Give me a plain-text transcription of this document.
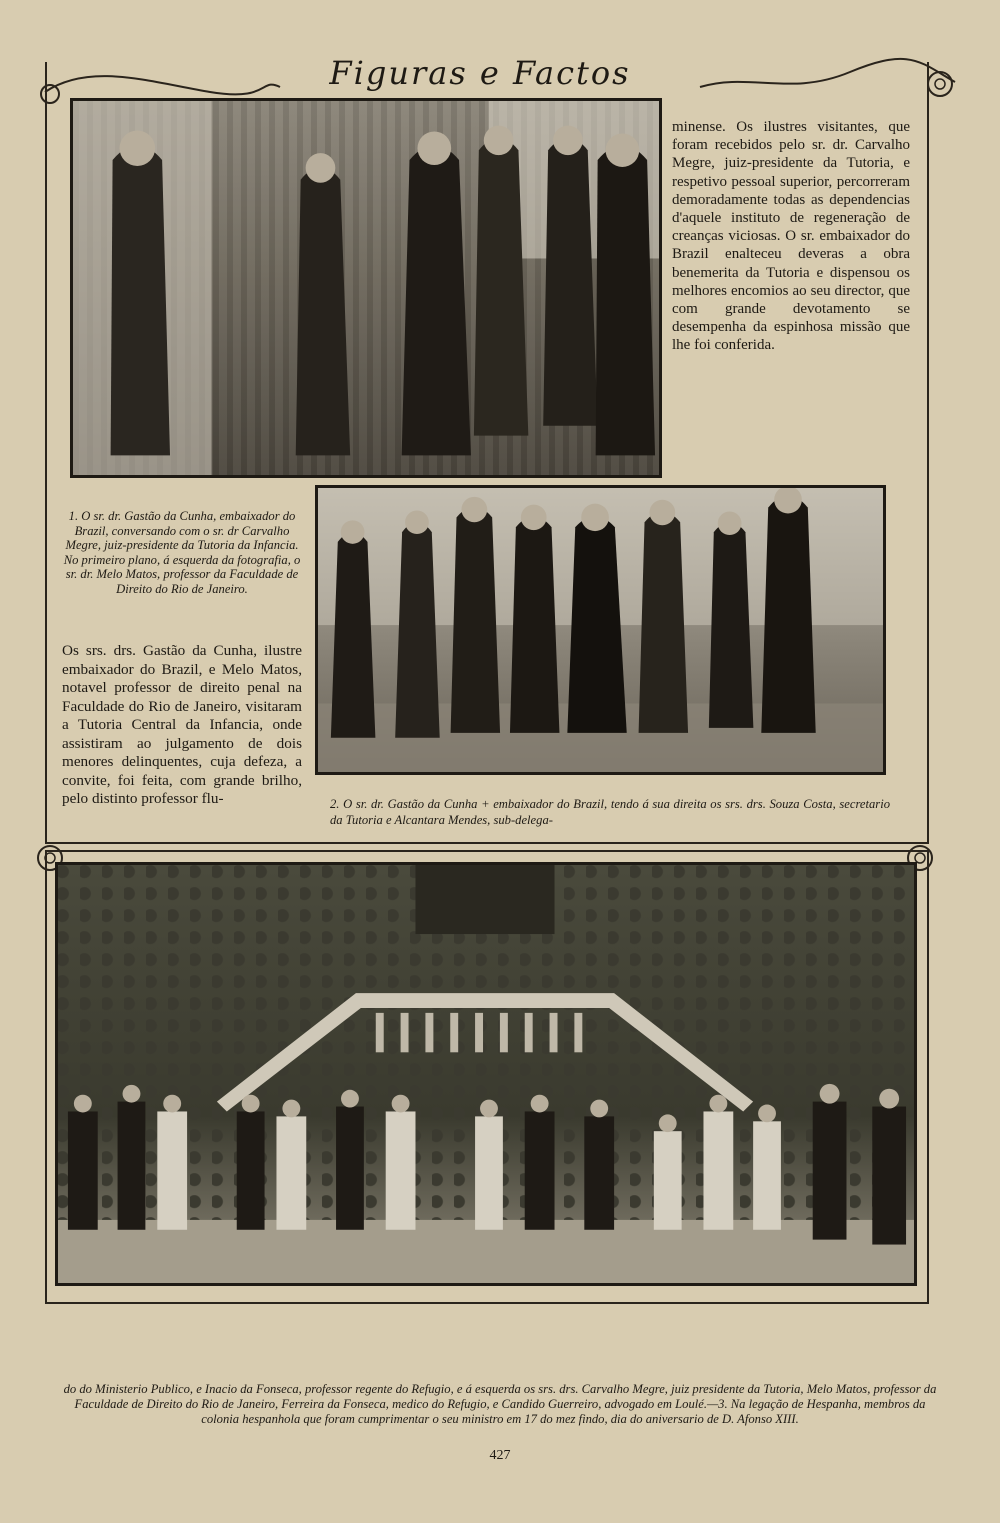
Figuras e Factos
minense. Os ilustres visitantes, que foram recebidos pelo sr. dr. Carvalho Megre, juiz-presidente da Tutoria, e respetivo pessoal superior, percorreram demoradamente todas as dependencias d'aquele instituto de regeneração de creanças viciosas. O sr. embaixador do Brazil enalteceu deveras a obra benemerita da Tutoria e dispensou os melhores encomios ao seu director, que com grande devotamento se desempenha da espinhosa missão que lhe foi conferida.
1. O sr. dr. Gastão da Cunha, embaixador do Brazil, conversando com o sr. dr Carvalho Megre, juiz-presidente da Tutoria da Infancia. No primeiro plano, á esquerda da fotografia, o sr. dr. Melo Matos, professor da Faculdade de Direito do Rio de Janeiro.
Os srs. drs. Gastão da Cunha, ilustre embaixador do Brazil, e Melo Matos, notavel professor de direito penal na Faculdade do Rio de Janeiro, visitaram a Tutoria Central da Infancia, onde assistiram ao julgamento de dois menores delinquentes, cuja defeza, a convite, foi feita, com grande brilho, pelo distinto professor flu-	2. O sr. dr. Gastão da Cunha + embaixador do Brazil, tendo á sua direita os srs. drs. Souza Costa, secretario da Tutoria e Alcantara Mendes, sub-delega-
do do Ministerio Publico, e Inacio da Fonseca, professor regente do Refugio, e á esquerda os srs. drs. Carvalho Megre, juiz presidente da Tutoria, Melo Matos, professor da Faculdade de Direito do Rio de Janeiro, Ferreira da Fonseca, medico do Refugio, e Candido Guerreiro, advogado em Loulé.—3. Na legação de Hespanha, membros da colonia hespanhola que foram cumprimentar o seu ministro em 17 do mez findo, dia do aniversario de D. Afonso XIII.
427
